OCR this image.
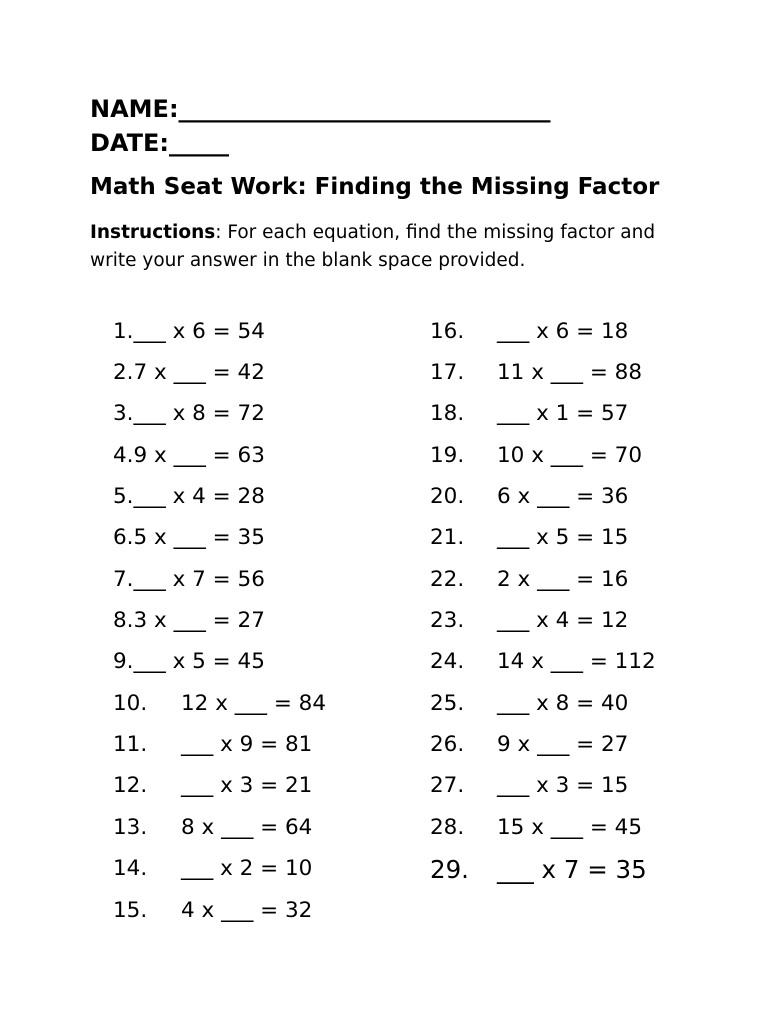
NAME:_______________________________

DATE:_____

Math Seat Work: Finding the Missing Factor

Instructions: For each equation, find the missing factor and write your answer in the blank space provided.

1.___ x 6 = 54
2.7 x ___ = 42
3.___ x 8 = 72
4.9 x ___ = 63
5.___ x 4 = 28
6.5 x ___ = 35
7.___ x 7 = 56
8.3 x ___ = 27
9.___ x 5 = 45
10. 12 x ___ = 84
11. ___ x 9 = 81
12. ___ x 3 = 21
13. 8 x ___ = 64
14. ___ x 2 = 10
15. 4 x ___ = 32
16. ___ x 6 = 18
17. 11 x ___ = 88
18. ___ x 1 = 57
19. 10 x ___ = 70
20. 6 x ___ = 36
21. ___ x 5 = 15
22. 2 x ___ = 16
23. ___ x 4 = 12
24. 14 x ___ = 112
25. ___ x 8 = 40
26. 9 x ___ = 27
27. ___ x 3 = 15
28. 15 x ___ = 45
29. ___ x 7 = 35
